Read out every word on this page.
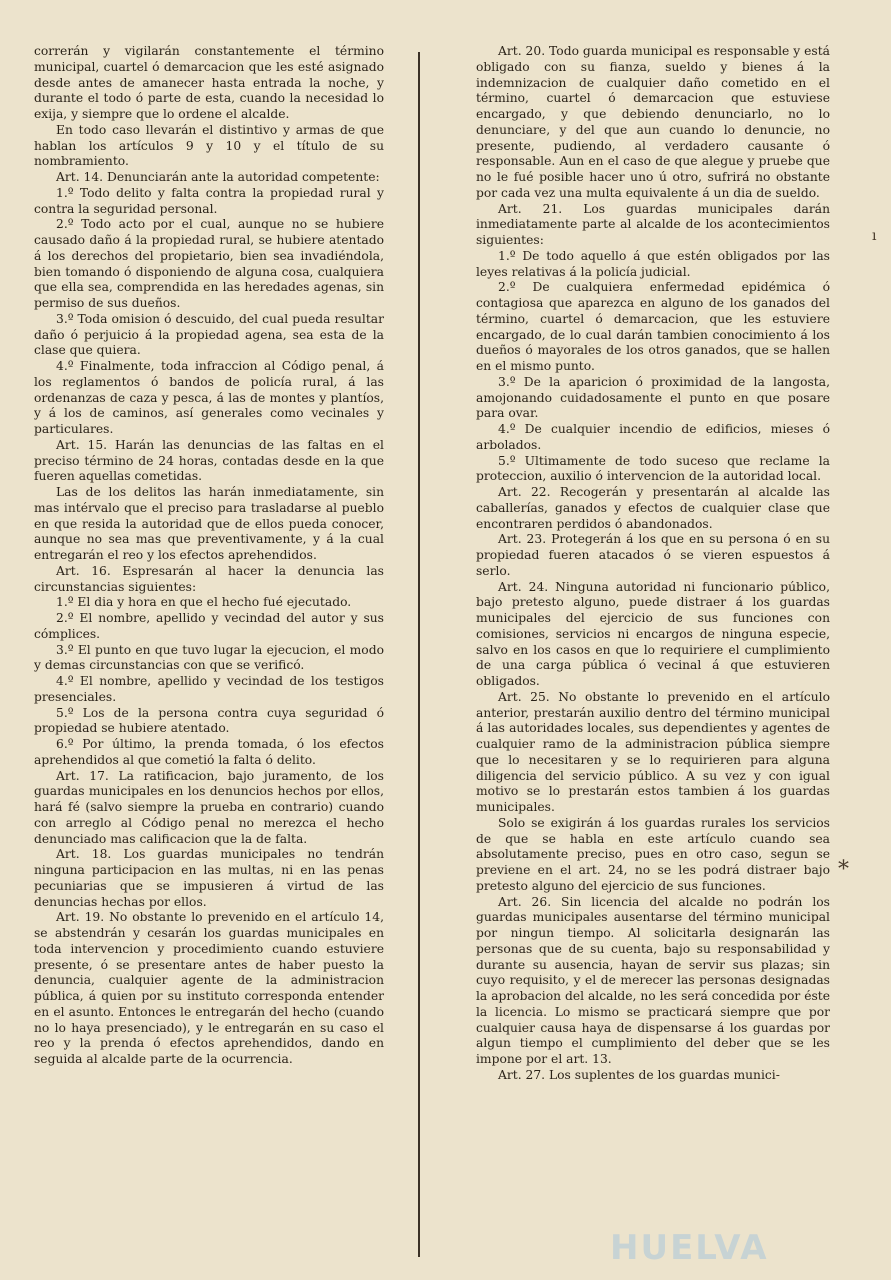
correrán y vigilarán constantemente el término municipal, cuartel ó demarcacion que les esté asignado desde antes de amanecer hasta entrada la noche, y durante el todo ó parte de esta, cuando la necesidad lo exija, y siempre que lo ordene el alcalde.

En todo caso llevarán el distintivo y armas de que hablan los artículos 9 y 10 y el título de su nombramiento.

Art. 14. Denunciarán ante la autoridad competente:

1.º Todo delito y falta contra la propiedad rural y contra la seguridad personal.

2.º Todo acto por el cual, aunque no se hubiere causado daño á la propiedad rural, se hubiere atentado á los derechos del propietario, bien sea invadiéndola, bien tomando ó disponiendo de alguna cosa, cualquiera que ella sea, comprendida en las heredades agenas, sin permiso de sus dueños.

3.º Toda omision ó descuido, del cual pueda resultar daño ó perjuicio á la propiedad agena, sea esta de la clase que quiera.

4.º Finalmente, toda infraccion al Código penal, á los reglamentos ó bandos de policía rural, á las ordenanzas de caza y pesca, á las de montes y plantíos, y á los de caminos, así generales como vecinales y particulares.

Art. 15. Harán las denuncias de las faltas en el preciso término de 24 horas, contadas desde en la que fueren aquellas cometidas.

Las de los delitos las harán inmediatamente, sin mas intérvalo que el preciso para trasladarse al pueblo en que resida la autoridad que de ellos pueda conocer, aunque no sea mas que preventivamente, y á la cual entregarán el reo y los efectos aprehendidos.

Art. 16. Espresarán al hacer la denuncia las circunstancias siguientes:

1.º El dia y hora en que el hecho fué ejecutado.

2.º El nombre, apellido y vecindad del autor y sus cómplices.

3.º El punto en que tuvo lugar la ejecucion, el modo y demas circunstancias con que se verificó.

4.º El nombre, apellido y vecindad de los testigos presenciales.

5.º Los de la persona contra cuya seguridad ó propiedad se hubiere atentado.

6.º Por último, la prenda tomada, ó los efectos aprehendidos al que cometió la falta ó delito.

Art. 17. La ratificacion, bajo juramento, de los guardas municipales en los denuncios hechos por ellos, hará fé (salvo siempre la prueba en contrario) cuando con arreglo al Código penal no merezca el hecho denunciado mas calificacion que la de falta.

Art. 18. Los guardas municipales no tendrán ninguna participacion en las multas, ni en las penas pecuniarias que se impusieren á virtud de las denuncias hechas por ellos.

Art. 19. No obstante lo prevenido en el artículo 14, se abstendrán y cesarán los guardas municipales en toda intervencion y procedimiento cuando estuviere presente, ó se presentare antes de haber puesto la denuncia, cualquier agente de la administracion pública, á quien por su instituto corresponda entender en el asunto. Entonces le entregarán del hecho (cuando no lo haya presenciado), y le entregarán en su caso el reo y la prenda ó efectos aprehendidos, dando en seguida al alcalde parte de la ocurrencia.

Art. 20. Todo guarda municipal es responsable y está obligado con su fianza, sueldo y bienes á la indemnizacion de cualquier daño cometido en el término, cuartel ó demarcacion que estuviese encargado, y que debiendo denunciarlo, no lo denunciare, y del que aun cuando lo denuncie, no presente, pudiendo, al verdadero causante ó responsable. Aun en el caso de que alegue y pruebe que no le fué posible hacer uno ú otro, sufrirá no obstante por cada vez una multa equivalente á un dia de sueldo.

Art. 21. Los guardas municipales darán inmediatamente parte al alcalde de los acontecimientos siguientes:

1.º De todo aquello á que estén obligados por las leyes relativas á la policía judicial.

2.º De cualquiera enfermedad epidémica ó contagiosa que aparezca en alguno de los ganados del término, cuartel ó demarcacion, que les estuviere encargado, de lo cual darán tambien conocimiento á los dueños ó mayorales de los otros ganados, que se hallen en el mismo punto.

3.º De la aparicion ó proximidad de la langosta, amojonando cuidadosamente el punto en que posare para ovar.

4.º De cualquier incendio de edificios, mieses ó arbolados.

5.º Ultimamente de todo suceso que reclame la proteccion, auxilio ó intervencion de la autoridad local.

Art. 22. Recogerán y presentarán al alcalde las caballerías, ganados y efectos de cualquier clase que encontraren perdidos ó abandonados.

Art. 23. Protegerán á los que en su persona ó en su propiedad fueren atacados ó se vieren espuestos á serlo.

Art. 24. Ninguna autoridad ni funcionario público, bajo pretesto alguno, puede distraer á los guardas municipales del ejercicio de sus funciones con comisiones, servicios ni encargos de ninguna especie, salvo en los casos en que lo requiriere el cumplimiento de una carga pública ó vecinal á que estuvieren obligados.

Art. 25. No obstante lo prevenido en el artículo anterior, prestarán auxilio dentro del término municipal á las autoridades locales, sus dependientes y agentes de cualquier ramo de la administracion pública siempre que lo necesitaren y se lo requirieren para alguna diligencia del servicio público. A su vez y con igual motivo se lo prestarán estos tambien á los guardas municipales.

Solo se exigirán á los guardas rurales los servicios de que se habla en este artículo cuando sea absolutamente preciso, pues en otro caso, segun se previene en el art. 24, no se les podrá distraer bajo pretesto alguno del ejercicio de sus funciones.

Art. 26. Sin licencia del alcalde no podrán los guardas municipales ausentarse del término municipal por ningun tiempo. Al solicitarla designarán las personas que de su cuenta, bajo su responsabilidad y durante su ausencia, hayan de servir sus plazas; sin cuyo requisito, y el de merecer las personas designadas la aprobacion del alcalde, no les será concedida por éste la licencia. Lo mismo se practicará siempre que por cualquier causa haya de dispensarse á los guardas por algun tiempo el cumplimiento del deber que se les impone por el art. 13.

Art. 27. Los suplentes de los guardas munici-

⁎
ı
HUELVA
